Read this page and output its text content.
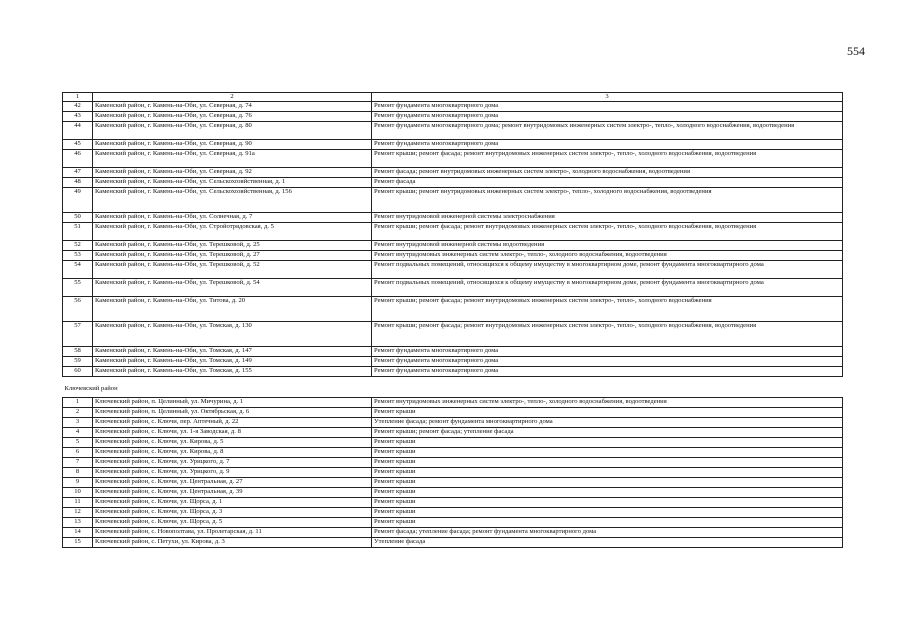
554
1	2	3
42	Каменский район, г. Камень-на-Оби, ул. Северная, д. 74	Ремонт фундамента многоквартирного дома
43	Каменский район, г. Камень-на-Оби, ул. Северная, д. 76	Ремонт фундамента многоквартирного дома
44	Каменский район, г. Камень-на-Оби, ул. Северная, д. 80	Ремонт фундамента многоквартирного дома; ремонт внутридомовых инженерных систем электро-, тепло-, холодного водоснабжения, водоотведения
45	Каменский район, г. Камень-на-Оби, ул. Северная, д. 90	Ремонт фундамента многоквартирного дома
46	Каменский район, г. Камень-на-Оби, ул. Северная, д. 91а	Ремонт крыши; ремонт фасада; ремонт внутридомовых инженерных систем электро-, тепло-, холодного водоснабжения, водоотведения
47	Каменский район, г. Камень-на-Оби, ул. Северная, д. 92	Ремонт фасада; ремонт внутридомовых инженерных систем электро-, холодного водоснабжения, водоотведения
48	Каменский район, г. Камень-на-Оби, ул. Сельскохозяйственная, д. 1	Ремонт фасада
49	Каменский район, г. Камень-на-Оби, ул. Сельскохозяйственная, д. 156	Ремонт крыши; ремонт внутридомовых инженерных систем электро-, тепло-, холодного водоснабжения, водоотведения
50	Каменский район, г. Камень-на-Оби, ул. Солнечная, д. 7	Ремонт внутридомовой инженерной системы электроснабжения
51	Каменский район, г. Камень-на-Оби, ул. Стройотрядовская, д. 5	Ремонт крыши; ремонт фасада; ремонт внутридомовых инженерных систем электро-, тепло-, холодного водоснабжения, водоотведения
52	Каменский район, г. Камень-на-Оби, ул. Терешковой, д. 25	Ремонт внутридомовой инженерной системы водоотведения
53	Каменский район, г. Камень-на-Оби, ул. Терешковой, д. 27	Ремонт внутридомовых инженерных систем электро-, тепло-, холодного водоснабжения, водоотведения
54	Каменский район, г. Камень-на-Оби, ул. Терешковой, д. 52	Ремонт подвальных помещений, относящихся к общему имуществу в многоквартирном доме, ремонт фундамента многоквартирного дома
55	Каменский район, г. Камень-на-Оби, ул. Терешковой, д. 54	Ремонт подвальных помещений, относящихся к общему имуществу в многоквартирном доме, ремонт фундамента многоквартирного дома
56	Каменский район, г. Камень-на-Оби, ул. Титова, д. 20	Ремонт крыши; ремонт фасада; ремонт внутридомовых инженерных систем электро-, тепло-, холодного водоснабжения
57	Каменский район, г. Камень-на-Оби, ул. Томская, д. 130	Ремонт крыши; ремонт фасада; ремонт внутридомовых инженерных систем электро-, тепло-, холодного водоснабжения, водоотведения
58	Каменский район, г. Камень-на-Оби, ул. Томская, д. 147	Ремонт фундамента многоквартирного дома
59	Каменский район, г. Камень-на-Оби, ул. Томская, д. 149	Ремонт фундамента многоквартирного дома
60	Каменский район, г. Камень-на-Оби, ул. Томская, д. 155	Ремонт фундамента многоквартирного дома
Ключевский район		
1	Ключевский район, п. Целинный, ул. Мичурина, д. 1	Ремонт внутридомовых инженерных систем электро-, тепло-, холодного водоснабжения, водоотведения
2	Ключевский район, п. Целинный, ул. Октябрьская, д. 6	Ремонт крыши
3	Ключевский район, с. Ключи, пер. Аптечный, д. 22	Утепление фасада; ремонт фундамента многоквартирного дома
4	Ключевский район, с. Ключи, ул. 1-я Заводская, д. 8	Ремонт крыши; ремонт фасада; утепление фасада
5	Ключевский район, с. Ключи, ул. Кирова, д. 5	Ремонт крыши
6	Ключевский район, с. Ключи, ул. Кирова, д. 8	Ремонт крыши
7	Ключевский район, с. Ключи, ул. Урицкого, д. 7	Ремонт крыши
8	Ключевский район, с. Ключи, ул. Урицкого, д. 9	Ремонт крыши
9	Ключевский район, с. Ключи, ул. Центральная, д. 27	Ремонт крыши
10	Ключевский район, с. Ключи, ул. Центральная, д. 39	Ремонт крыши
11	Ключевский район, с. Ключи, ул. Щорса, д. 1	Ремонт крыши
12	Ключевский район, с. Ключи, ул. Щорса, д. 3	Ремонт крыши
13	Ключевский район, с. Ключи, ул. Щорса, д. 5	Ремонт крыши
14	Ключевский район, с. Новополтава, ул. Пролетарская, д. 11	Ремонт фасада; утепление фасада; ремонт фундамента многоквартирного дома
15	Ключевский район, с. Петухи, ул. Кирова, д. 3	Утепление фасада
